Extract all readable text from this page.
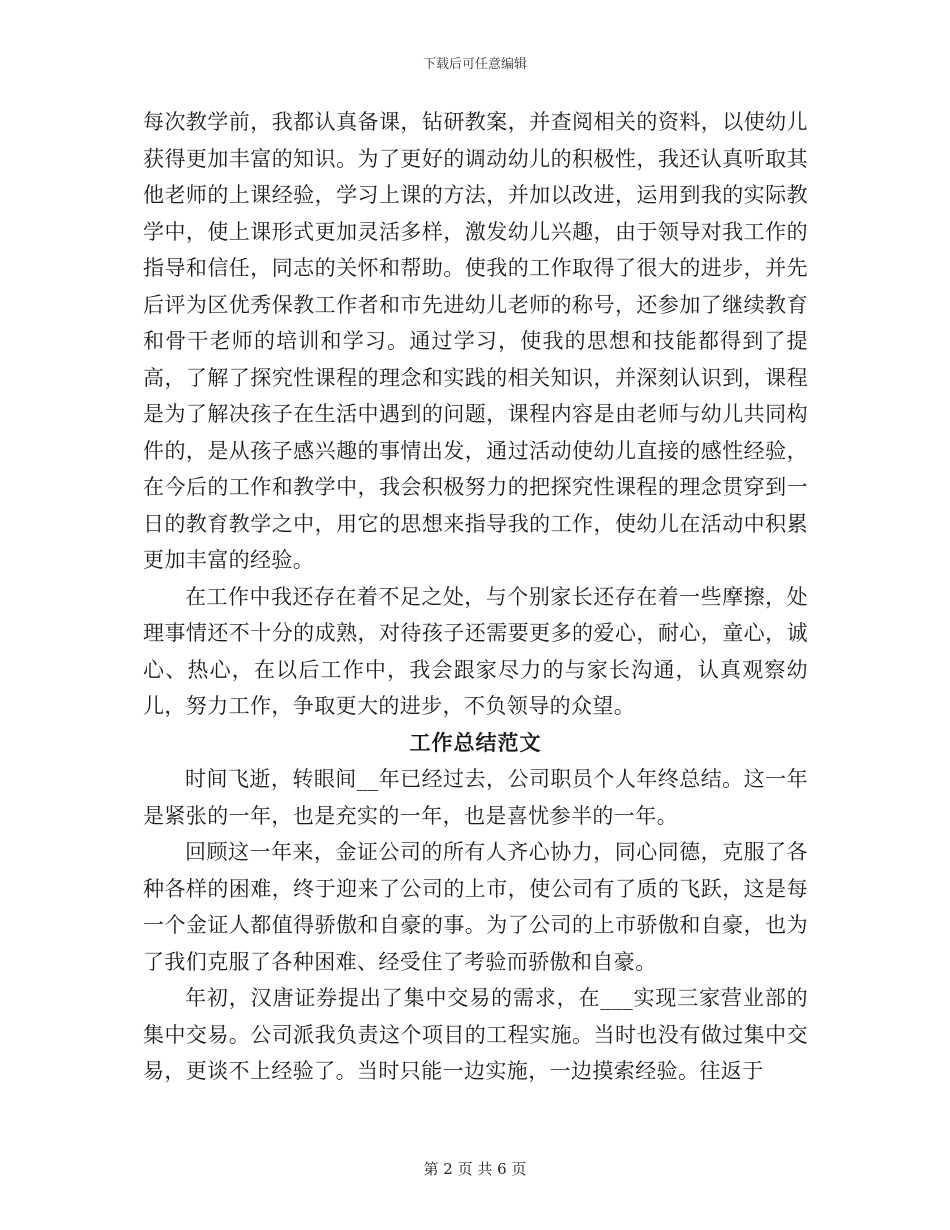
下载后可任意编辑

每次教学前，我都认真备课，钻研教案，并查阅相关的资料，以使幼儿获得更加丰富的知识。为了更好的调动幼儿的积极性，我还认真听取其他老师的上课经验，学习上课的方法，并加以改进，运用到我的实际教学中，使上课形式更加灵活多样，激发幼儿兴趣，由于领导对我工作的指导和信任，同志的关怀和帮助。使我的工作取得了很大的进步，并先后评为区优秀保教工作者和市先进幼儿老师的称号，还参加了继续教育和骨干老师的培训和学习。通过学习，使我的思想和技能都得到了提高，了解了探究性课程的理念和实践的相关知识，并深刻认识到，课程是为了解决孩子在生活中遇到的问题，课程内容是由老师与幼儿共同构件的，是从孩子感兴趣的事情出发，通过活动使幼儿直接的感性经验，在今后的工作和教学中，我会积极努力的把探究性课程的理念贯穿到一日的教育教学之中，用它的思想来指导我的工作，使幼儿在活动中积累更加丰富的经验。

在工作中我还存在着不足之处，与个别家长还存在着一些摩擦，处理事情还不十分的成熟，对待孩子还需要更多的爱心，耐心，童心，诚心、热心，在以后工作中，我会跟家尽力的与家长沟通，认真观察幼儿，努力工作，争取更大的进步，不负领导的众望。

工作总结范文

时间飞逝，转眼间__年已经过去，公司职员个人年终总结。这一年是紧张的一年，也是充实的一年，也是喜忧参半的一年。

回顾这一年来，金证公司的所有人齐心协力，同心同德，克服了各种各样的困难，终于迎来了公司的上市，使公司有了质的飞跃，这是每一个金证人都值得骄傲和自豪的事。为了公司的上市骄傲和自豪，也为了我们克服了各种困难、经受住了考验而骄傲和自豪。

年初，汉唐证券提出了集中交易的需求，在___实现三家营业部的集中交易。公司派我负责这个项目的工程实施。当时也没有做过集中交易，更谈不上经验了。当时只能一边实施，一边摸索经验。往返于

第 2 页 共 6 页
